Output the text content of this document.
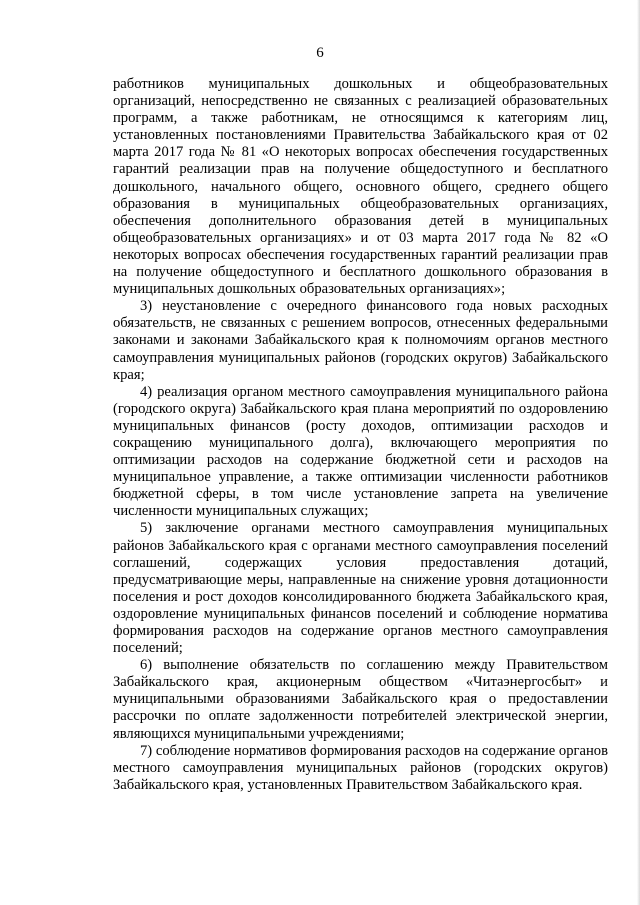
6

работников муниципальных дошкольных и общеобразовательных организаций, непосредственно не связанных с реализацией образовательных программ, а также работникам, не относящимся к категориям лиц, установленных постановлениями Правительства Забайкальского края от 02 марта 2017 года № 81 «О некоторых вопросах обеспечения государственных гарантий реализации прав на получение общедоступного и бесплатного дошкольного, начального общего, основного общего, среднего общего образования в муниципальных общеобразовательных организациях, обеспечения дополнительного образования детей в муниципальных общеобразовательных организациях» и от 03 марта 2017 года № 82 «О некоторых вопросах обеспечения государственных гарантий реализации прав на получение общедоступного и бесплатного дошкольного образования в муниципальных дошкольных образовательных организациях»;

3) неустановление с очередного финансового года новых расходных обязательств, не связанных с решением вопросов, отнесенных федеральными законами и законами Забайкальского края к полномочиям органов местного самоуправления муниципальных районов (городских округов) Забайкальского края;

4) реализация органом местного самоуправления муниципального района (городского округа) Забайкальского края плана мероприятий по оздоровлению муниципальных финансов (росту доходов, оптимизации расходов и сокращению муниципального долга), включающего мероприятия по оптимизации расходов на содержание бюджетной сети и расходов на муниципальное управление, а также оптимизации численности работников бюджетной сферы, в том числе установление запрета на увеличение численности муниципальных служащих;

5) заключение органами местного самоуправления муниципальных районов Забайкальского края с органами местного самоуправления поселений соглашений, содержащих условия предоставления дотаций, предусматривающие меры, направленные на снижение уровня дотационности поселения и рост доходов консолидированного бюджета Забайкальского края, оздоровление муниципальных финансов поселений и соблюдение норматива формирования расходов на содержание органов местного самоуправления поселений;

6) выполнение обязательств по соглашению между Правительством Забайкальского края, акционерным обществом «Читаэнергосбыт» и муниципальными образованиями Забайкальского края о предоставлении рассрочки по оплате задолженности потребителей электрической энергии, являющихся муниципальными учреждениями;

7) соблюдение нормативов формирования расходов на содержание органов местного самоуправления муниципальных районов (городских округов) Забайкальского края, установленных Правительством Забайкальского края.
